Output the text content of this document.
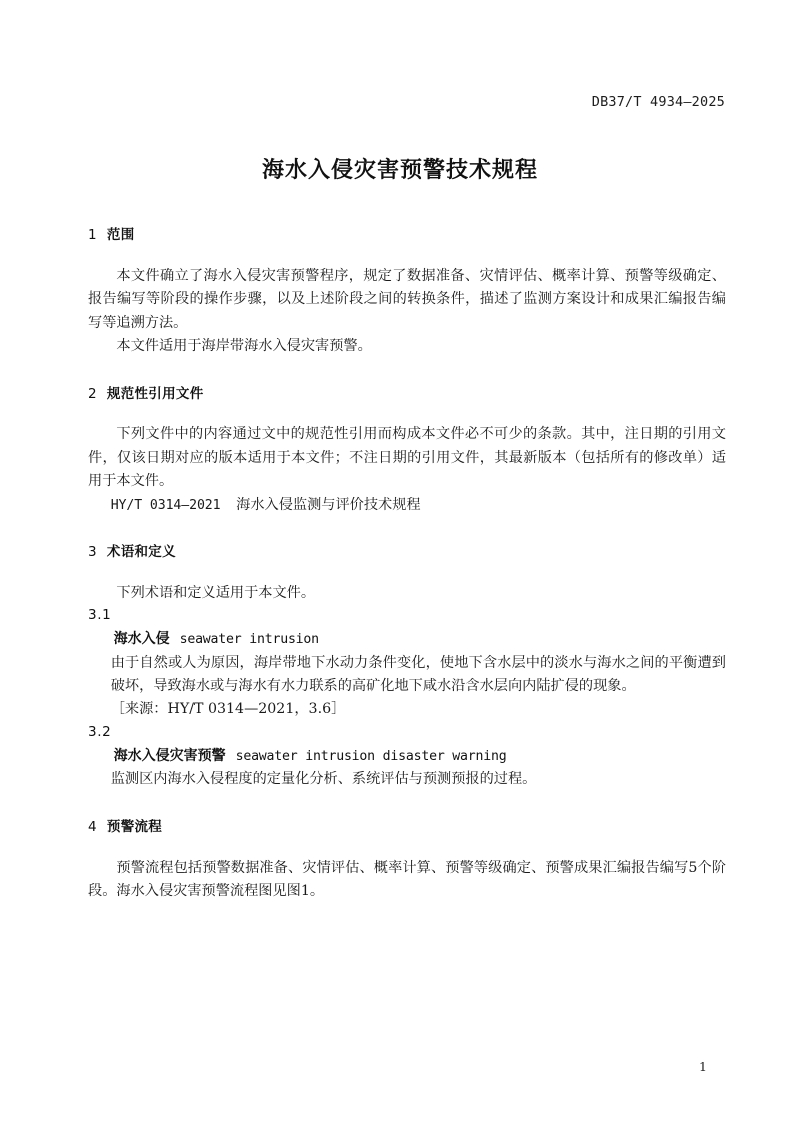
DB37/T 4934—2025
海水入侵灾害预警技术规程
1 范围

本文件确立了海水入侵灾害预警程序，规定了数据准备、灾情评估、概率计算、预警等级确定、报告编写等阶段的操作步骤，以及上述阶段之间的转换条件，描述了监测方案设计和成果汇编报告编写等追溯方法。

本文件适用于海岸带海水入侵灾害预警。

2 规范性引用文件

下列文件中的内容通过文中的规范性引用而构成本文件必不可少的条款。其中，注日期的引用文件，仅该日期对应的版本适用于本文件；不注日期的引用文件，其最新版本（包括所有的修改单）适用于本文件。

HY/T 0314—2021 海水入侵监测与评价技术规程

3 术语和定义

下列术语和定义适用于本文件。

3.1

海水入侵 seawater intrusion

由于自然或人为原因，海岸带地下水动力条件变化，使地下含水层中的淡水与海水之间的平衡遭到破坏，导致海水或与海水有水力联系的高矿化地下咸水沿含水层向内陆扩侵的现象。

［来源：HY/T 0314—2021，3.6］

3.2

海水入侵灾害预警 seawater intrusion disaster warning

监测区内海水入侵程度的定量化分析、系统评估与预测预报的过程。

4 预警流程

预警流程包括预警数据准备、灾情评估、概率计算、预警等级确定、预警成果汇编报告编写5个阶段。海水入侵灾害预警流程图见图1。

1
